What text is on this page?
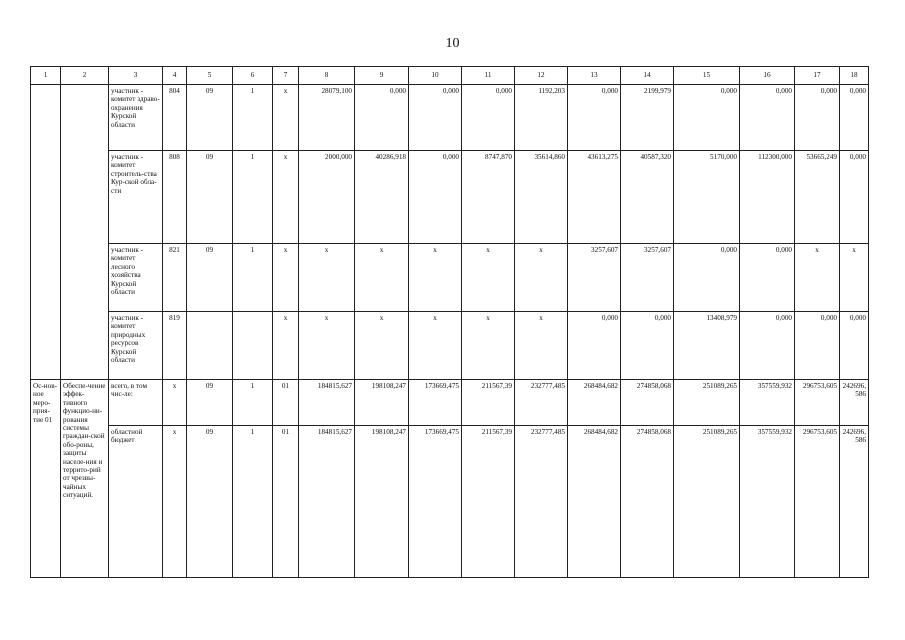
10
1	2	3	4	5	6	7	8	9	10	11	12	13	14	15	16	17	18
		участник - комитет здраво-охранения Курской области	804	09	1	х	28079,100	0,000	0,000	0,000	1192,203	0,000	2199,979	0,000	0,000	0,000	0,000
		участник - комитет строитель-ства Кур-ской обла-сти	808	09	1	х	2000,000	40286,918	0,000	8747,870	35614,860	43613,275	40587,320	5170,000	112300,000	53665,249	0,000
		участник - комитет лесного хозяйства Курской области	821	09	1	х	х	х	х	х	х	3257,607	3257,607	0,000	0,000	х	х
		участник - комитет природных ресурсов Курской области	819			х	х	х	х	х	х	0,000	0,000	13408,979	0,000	0,000	0,000
Ос-нов-ное меро-прия-тие 01	Обеспе-чение эффек-тивного функцио-ни-рования системы граждан-ской обо-роны, защиты населе-ния и террито-рий от чрезвы-чайных ситуаций.	всего, в том чис-ле:	х	09	1	01	184815,627	198108,247	173669,475	211567,39	232777,485	268484,682	274858,068	251089,265	357559,932	296753,605	242696,586
		областной бюджет	х	09	1	01	184815,627	198108,247	173669,475	211567,39	232777,485	268484,682	274858,068	251089,265	357559,932	296753,605	242696,586
